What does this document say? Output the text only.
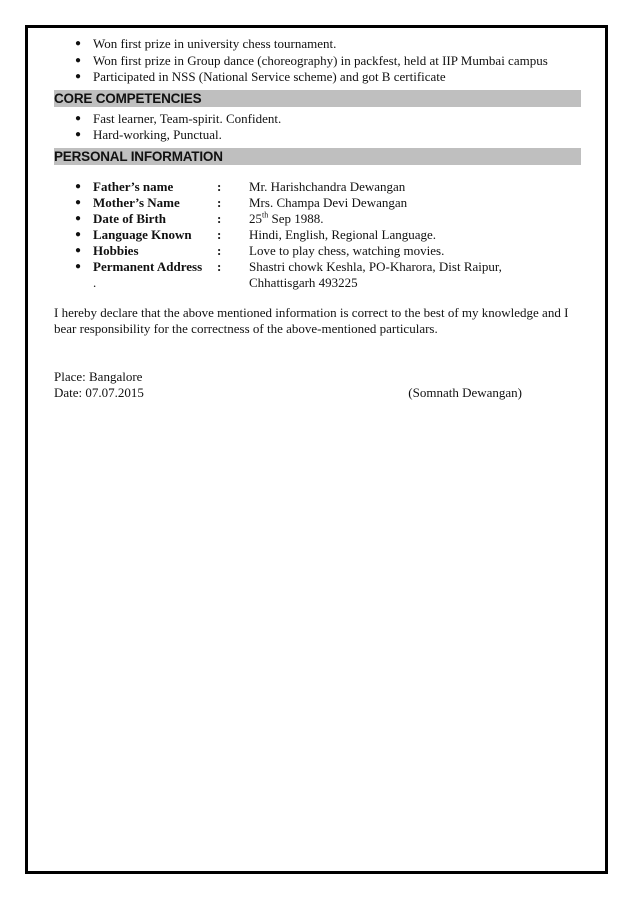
● Won first prize in university chess tournament.
● Won first prize in Group dance (choreography) in packfest, held at IIP Mumbai campus
● Participated in NSS (National Service scheme) and got B certificate
CORE COMPETENCIES
● Fast learner, Team-spirit. Confident.
● Hard-working, Punctual.
PERSONAL INFORMATION
● Father’s name	:	Mr. Harishchandra Dewangan
● Mother’s Name	:	Mrs. Champa Devi Dewangan
● Date of Birth	:	25th Sep 1988.
● Language Known	:	Hindi, English, Regional Language.
● Hobbies	:	Love to play chess, watching movies.
● Permanent Address	:	Shastri chowk Keshla, PO-Kharora, Dist Raipur,
.	Chhattisgarh 493225

I hereby declare that the above mentioned information is correct to the best of my knowledge and I bear responsibility for the correctness of the above-mentioned particulars.

Place: Bangalore
Date: 07.07.2015	(Somnath Dewangan)
